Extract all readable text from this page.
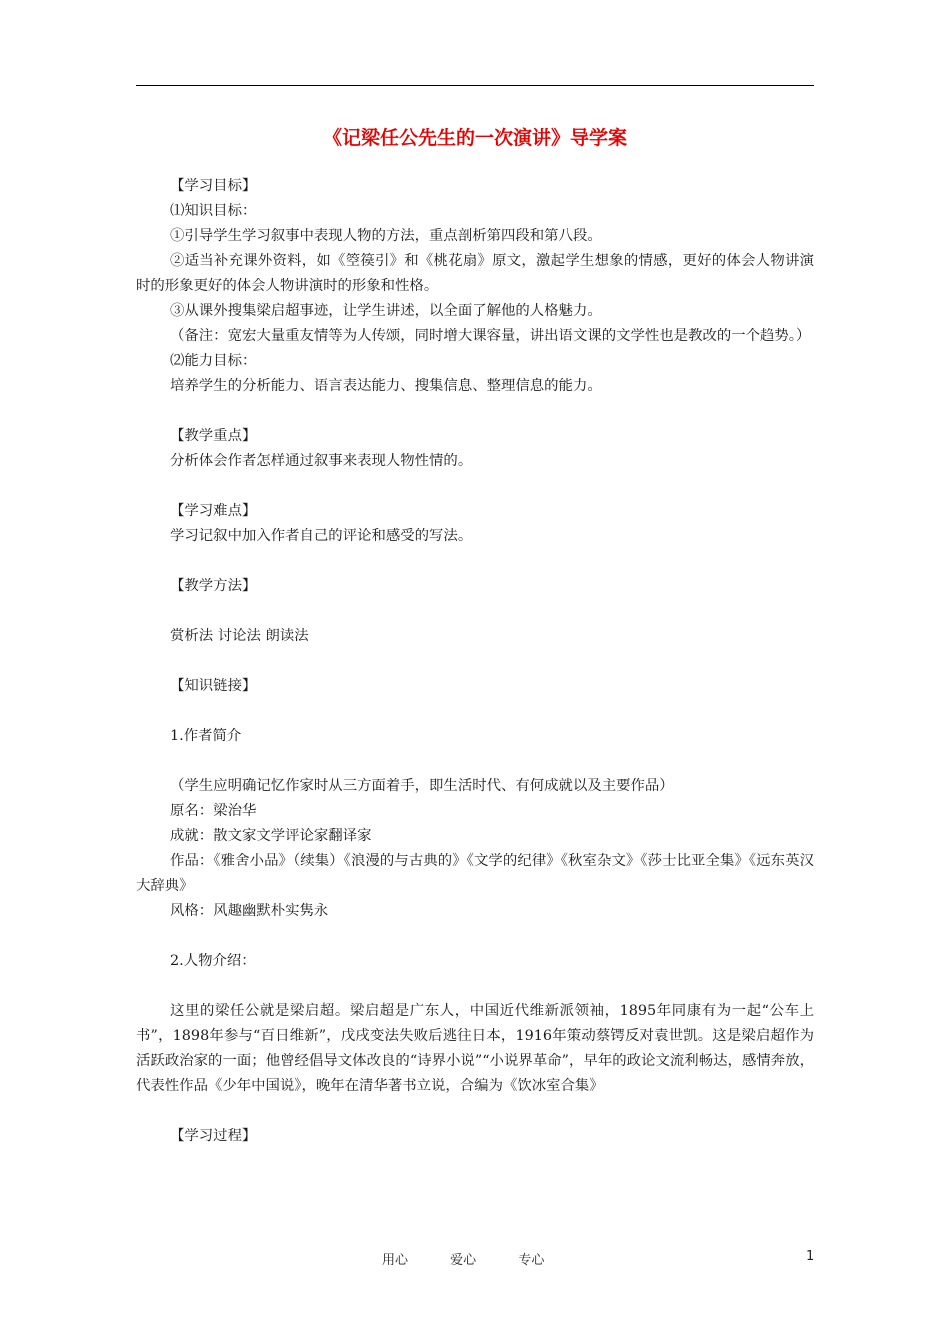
《记梁任公先生的一次演讲》导学案
【学习目标】
⑴知识目标：
①引导学生学习叙事中表现人物的方法，重点剖析第四段和第八段。
②适当补充课外资料，如《箜篌引》和《桃花扇》原文，激起学生想象的情感，更好的体会人物讲演时的形象更好的体会人物讲演时的形象和性格。
③从课外搜集梁启超事迹，让学生讲述，以全面了解他的人格魅力。
（备注：宽宏大量重友情等为人传颂，同时增大课容量，讲出语文课的文学性也是教改的一个趋势。）
⑵能力目标：
培养学生的分析能力、语言表达能力、搜集信息、整理信息的能力。
【教学重点】
分析体会作者怎样通过叙事来表现人物性情的。
【学习难点】
学习记叙中加入作者自己的评论和感受的写法。
【教学方法】
赏析法 讨论法 朗读法
【知识链接】
1.作者简介
（学生应明确记忆作家时从三方面着手，即生活时代、有何成就以及主要作品）
原名：梁治华
成就：散文家文学评论家翻译家
作品：《雅舍小品》（续集）《浪漫的与古典的》《文学的纪律》《秋室杂文》《莎士比亚全集》《远东英汉大辞典》
风格：风趣幽默朴实隽永
2.人物介绍：
这里的梁任公就是梁启超。梁启超是广东人，中国近代维新派领袖，1895年同康有为一起“公车上书”，1898年参与“百日维新”，戊戌变法失败后逃往日本，1916年策动蔡锷反对袁世凯。这是梁启超作为活跃政治家的一面；他曾经倡导文体改良的“诗界小说”“小说界革命”，早年的政论文流利畅达，感情奔放，代表性作品《少年中国说》，晚年在清华著书立说，合编为《饮冰室合集》
【学习过程】
用心	爱心	专心	1
